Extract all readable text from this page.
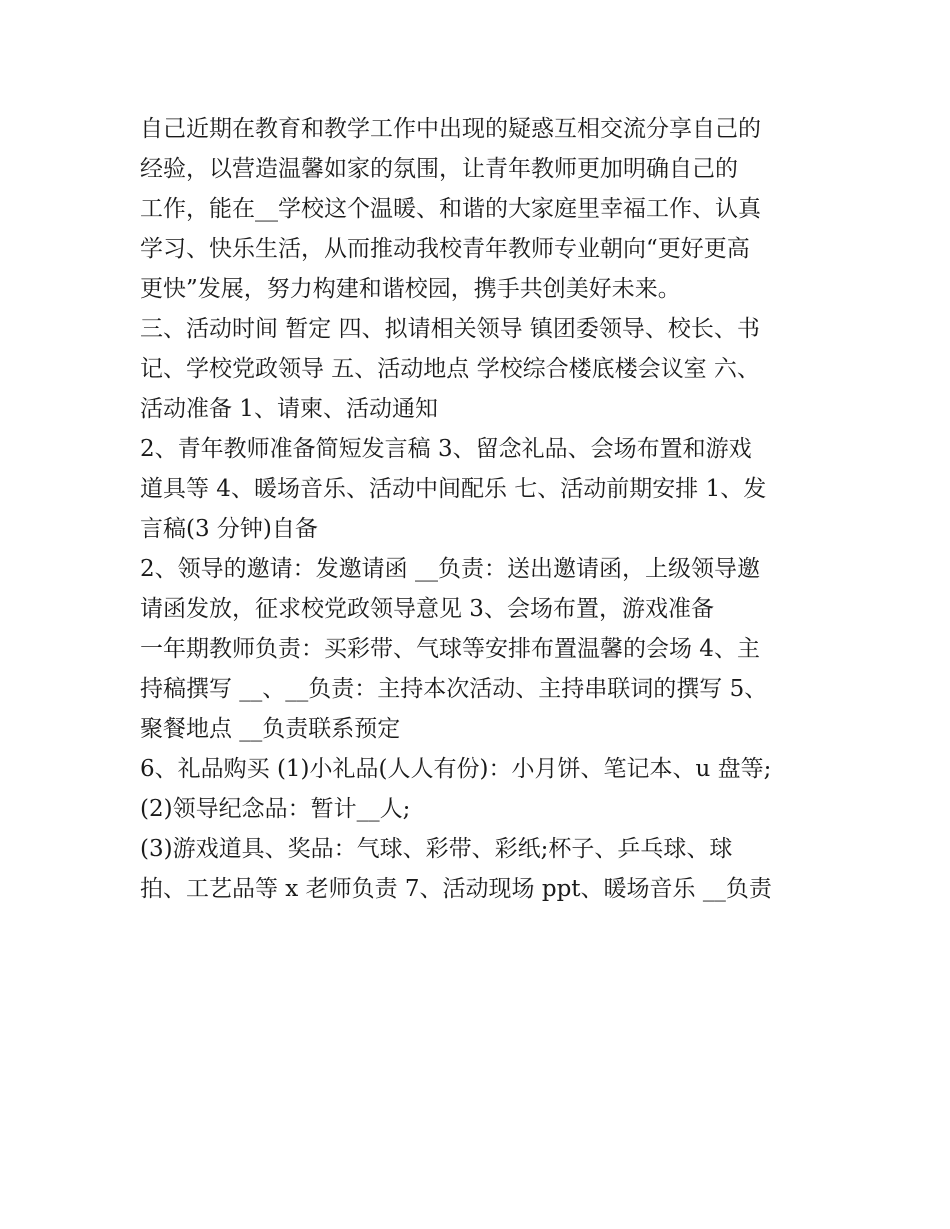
自己近期在教育和教学工作中出现的疑惑互相交流分享自己的
经验，以营造温馨如家的氛围，让青年教师更加明确自己的
工作，能在__学校这个温暖、和谐的大家庭里幸福工作、认真
学习、快乐生活，从而推动我校青年教师专业朝向“更好更高
更快”发展，努力构建和谐校园，携手共创美好未来。
三、活动时间 暂定 四、拟请相关领导 镇团委领导、校长、书
记、学校党政领导 五、活动地点 学校综合楼底楼会议室 六、
活动准备 1、请柬、活动通知
2、青年教师准备简短发言稿 3、留念礼品、会场布置和游戏
道具等 4、暖场音乐、活动中间配乐 七、活动前期安排 1、发
言稿(3 分钟)自备
2、领导的邀请：发邀请函 __负责：送出邀请函，上级领导邀
请函发放，征求校党政领导意见 3、会场布置，游戏准备
一年期教师负责：买彩带、气球等安排布置温馨的会场 4、主
持稿撰写 __、__负责：主持本次活动、主持串联词的撰写 5、
聚餐地点 __负责联系预定
6、礼品购买 (1)小礼品(人人有份)：小月饼、笔记本、u 盘等;
(2)领导纪念品：暂计__人;
(3)游戏道具、奖品：气球、彩带、彩纸;杯子、乒乓球、球
拍、工艺品等 x 老师负责 7、活动现场 ppt、暖场音乐 __负责
